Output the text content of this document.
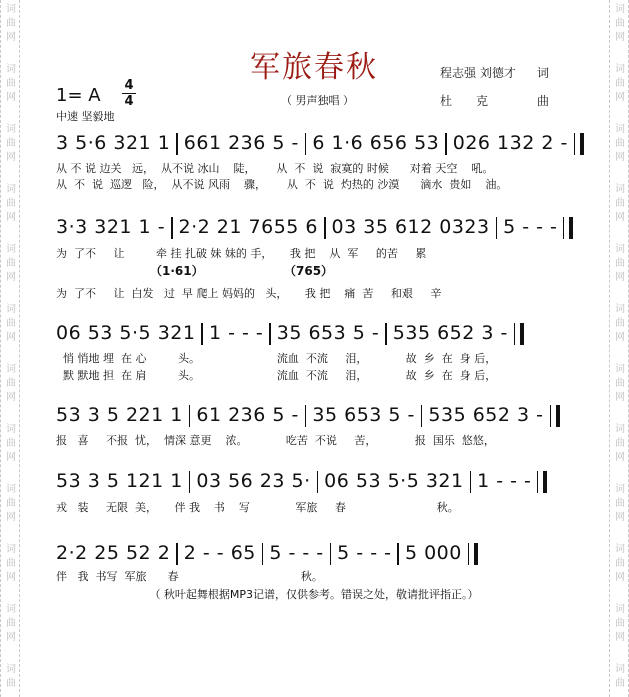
词
曲
网
词
曲
网
词
曲
网
词
曲
网
词
曲
网
词
曲
网
词
曲
网
词
曲
网
词
曲
网
词
曲
网
词
曲
网
词
曲
词
曲
网
词
曲
网
词
曲
网
词
曲
网
词
曲
网
词
曲
网
词
曲
网
词
曲
网
词
曲
网
词
曲
网
词
曲
网
词
曲
军旅春秋	程志强 刘德才 词
杜　　克	曲
1= A 4
4	（ 男声独唱 ）
中速 坚毅地
3 5·6 321 1 661 236 5 - 6 1·6 656 53 026 132 2 -
从 不 说 边关   远，  从不说 冰山    陡，      从  不  说  寂寞的 时候      对着 天空    吼。
从  不  说  巡逻   险，  从不说 风雨    骤，      从  不  说  灼热的 沙漠      滴水  贵如    油。
3·3 321 1 - 2·2 21 7655 6 03 35 612 0323 5 - - -
为  了不     让         牵 挂 扎破 妹 妹的 手，     我 把    从  军     的苦     累
（1·61）	（765）
为  了不     让  白发   过  早 爬上 妈妈的   头，     我 把    痛  苦     和艰     辛
06 53 5·5 321 1 - - - 35 653 5 - 535 652 3 -
悄 悄地 埋  在 心         头。                      流血  不流     泪，           故  乡  在  身 后，
默 默地 担  在 肩         头。                      流血  不流     泪，           故  乡  在  身 后，
53 3 5 221 1 61 236 5 - 35 653 5 - 535 652 3 -
报   喜     不报  忧，  情深 意更    浓。           吃苦  不说     苦，           报  国乐  悠悠，
53 3 5 121 1 03 56 23 5· 06 53 5·5 321 1 - - -
戎   装     无限  美，     伴 我    书    写             军旅     春                          秋。
2·2 25 52 2 2 - - 65 5 - - - 5 - - - 5 000
伴   我  书写  军旅      春                                   秋。
（ 秋叶起舞根据MP3记谱，仅供参考。错误之处，敬请批评指正。）
